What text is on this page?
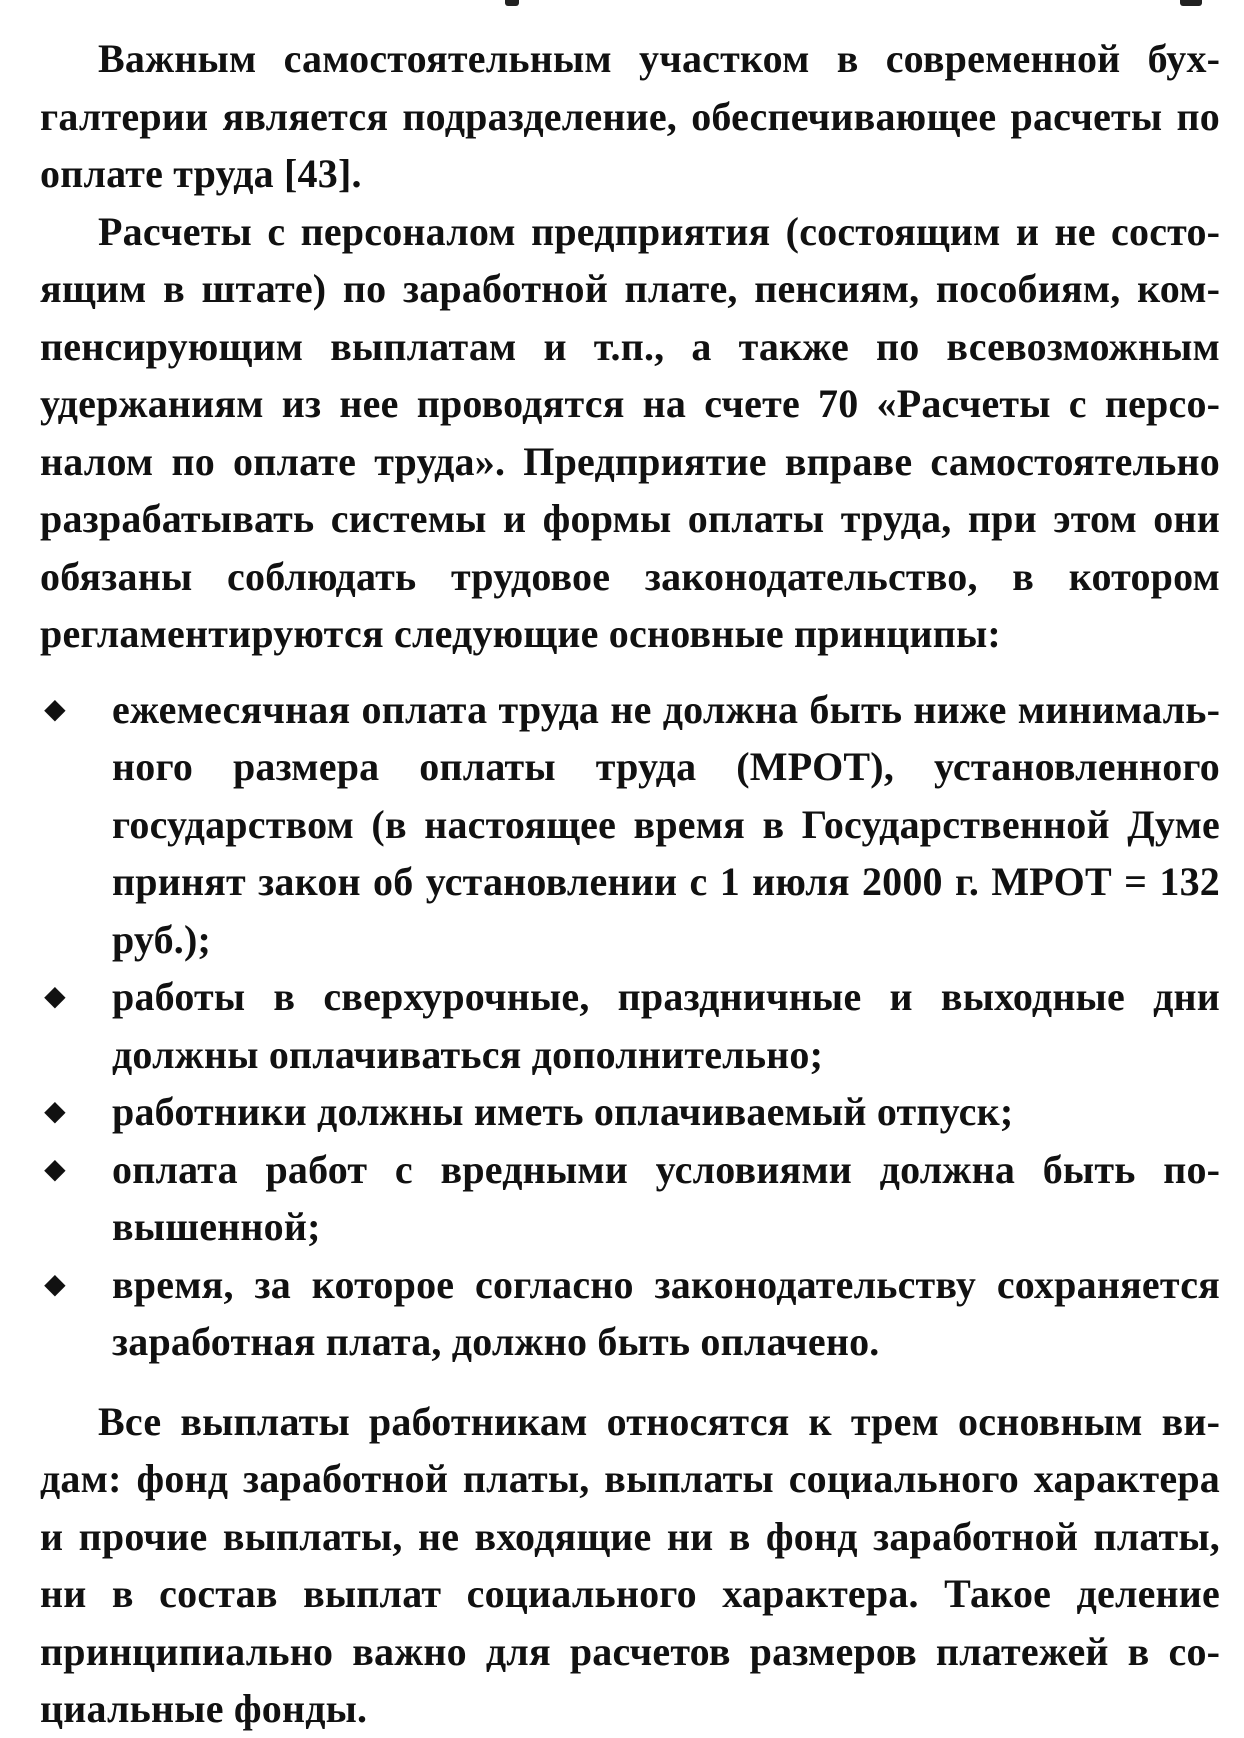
Важным самостоятельным участком в современной бухгалтерии является подразделение, обеспечивающее расчеты по оплате труда [43].

Расчеты с персоналом предприятия (состоящим и не состоящим в штате) по заработной плате, пенсиям, пособиям, компенсирующим выплатам и т.п., а также по всевозможным удержаниям из нее проводятся на счете 70 «Расчеты с персоналом по оплате труда». Предприятие вправе самостоятельно разрабатывать системы и формы оплаты труда, при этом они обязаны соблюдать трудовое законодательство, в котором регламентируются следующие основные принципы:

◆ ежемесячная оплата труда не должна быть ниже минимального размера оплаты труда (МРОТ), установленного государством (в настоящее время в Государственной Думе принят закон об установлении с 1 июля 2000 г. МРОТ = 132 руб.);
◆ работы в сверхурочные, праздничные и выходные дни должны оплачиваться дополнительно;
◆ работники должны иметь оплачиваемый отпуск;
◆ оплата работ с вредными условиями должна быть повышенной;
◆ время, за которое согласно законодательству сохраняется заработная плата, должно быть оплачено.

Все выплаты работникам относятся к трем основным видам: фонд заработной платы, выплаты социального характера и прочие выплаты, не входящие ни в фонд заработной платы, ни в состав выплат социального характера. Такое деление принципиально важно для расчетов размеров платежей в социальные фонды.
